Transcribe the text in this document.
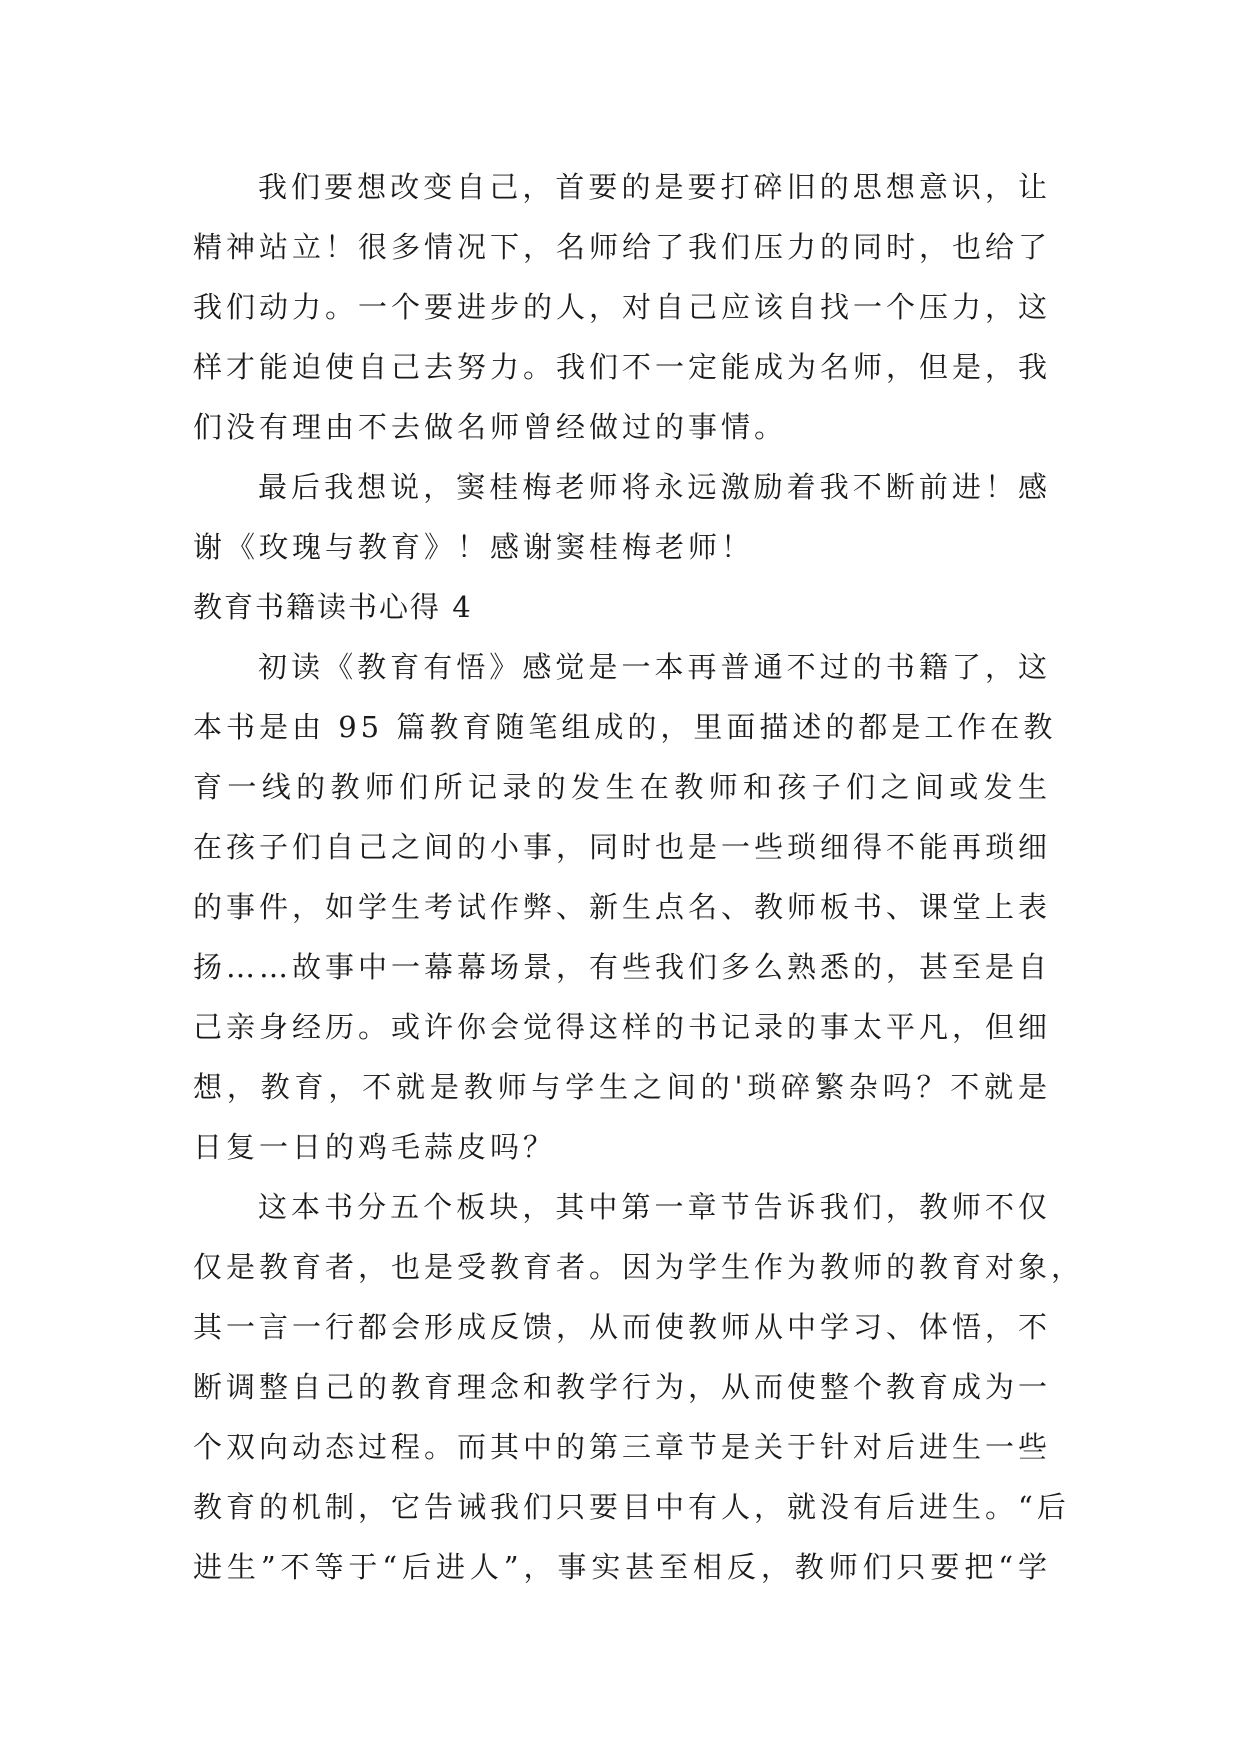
我们要想改变自己，首要的是要打碎旧的思想意识，让
精神站立！很多情况下，名师给了我们压力的同时，也给了
我们动力。一个要进步的人，对自己应该自找一个压力，这
样才能迫使自己去努力。我们不一定能成为名师，但是，我
们没有理由不去做名师曾经做过的事情。
最后我想说，窦桂梅老师将永远激励着我不断前进！感
谢《玫瑰与教育》！感谢窦桂梅老师！
教育书籍读书心得 4
初读《教育有悟》感觉是一本再普通不过的书籍了，这
本书是由 95 篇教育随笔组成的，里面描述的都是工作在教
育一线的教师们所记录的发生在教师和孩子们之间或发生
在孩子们自己之间的小事，同时也是一些琐细得不能再琐细
的事件，如学生考试作弊、新生点名、教师板书、课堂上表
扬……故事中一幕幕场景，有些我们多么熟悉的，甚至是自
己亲身经历。或许你会觉得这样的书记录的事太平凡，但细
想，教育，不就是教师与学生之间的'琐碎繁杂吗？不就是
日复一日的鸡毛蒜皮吗？
这本书分五个板块，其中第一章节告诉我们，教师不仅
仅是教育者，也是受教育者。因为学生作为教师的教育对象，
其一言一行都会形成反馈，从而使教师从中学习、体悟，不
断调整自己的教育理念和教学行为，从而使整个教育成为一
个双向动态过程。而其中的第三章节是关于针对后进生一些
教育的机制，它告诫我们只要目中有人，就没有后进生。“后
进生”不等于“后进人”，事实甚至相反，教师们只要把“学
